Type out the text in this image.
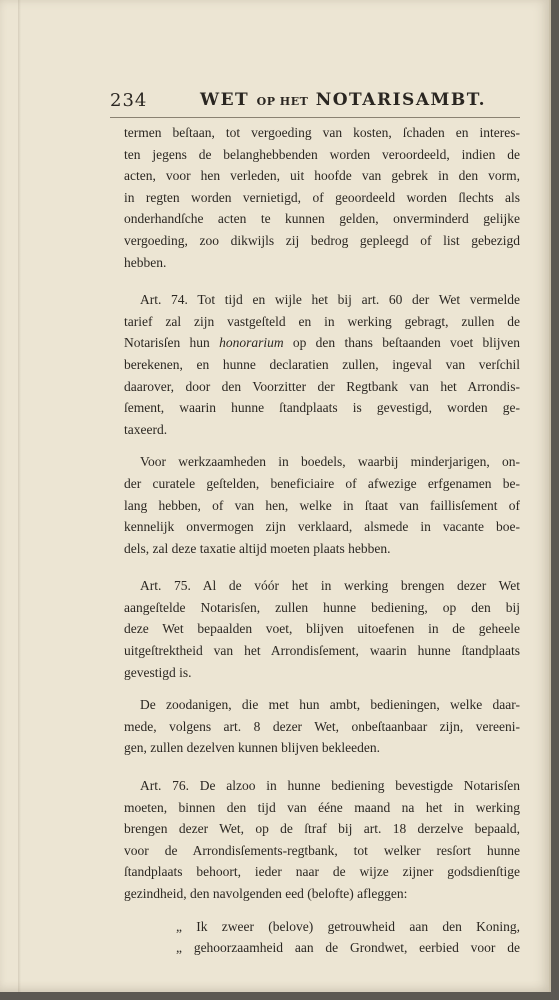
234	WET OP HET NOTARISAMBT.
termen beſtaan, tot vergoeding van kosten, ſchaden en interes-
ten jegens de belanghebbenden worden veroordeeld, indien de
acten, voor hen verleden, uit hoofde van gebrek in den vorm,
in regten worden vernietigd, of geoordeeld worden ſlechts als
onderhandſche acten te kunnen gelden, onverminderd gelijke
vergoeding, zoo dikwijls zij bedrog gepleegd of list gebezigd
hebben.
Art. 74. Tot tijd en wijle het bij art. 60 der Wet vermelde
tarief zal zijn vastgeſteld en in werking gebragt, zullen de
Notarisſen hun honorarium op den thans beſtaanden voet blijven
berekenen, en hunne declaratien zullen, ingeval van verſchil
daarover, door den Voorzitter der Regtbank van het Arrondis-
ſement, waarin hunne ſtandplaats is gevestigd, worden ge-
taxeerd.
Voor werkzaamheden in boedels, waarbij minderjarigen, on-
der curatele geſtelden, beneficiaire of afwezige erfgenamen be-
lang hebben, of van hen, welke in ſtaat van faillisſement of
kennelijk onvermogen zijn verklaard, alsmede in vacante boe-
dels, zal deze taxatie altijd moeten plaats hebben.
Art. 75. Al de vóór het in werking brengen dezer Wet
aangeſtelde Notarisſen, zullen hunne bediening, op den bij
deze Wet bepaalden voet, blijven uitoefenen in de geheele
uitgeſtrektheid van het Arrondisſement, waarin hunne ſtandplaats
gevestigd is.
De zoodanigen, die met hun ambt, bedieningen, welke daar-
mede, volgens art. 8 dezer Wet, onbeſtaanbaar zijn, vereeni-
gen, zullen dezelven kunnen blijven bekleeden.
Art. 76. De alzoo in hunne bediening bevestigde Notarisſen
moeten, binnen den tijd van ééne maand na het in werking
brengen dezer Wet, op de ſtraf bij art. 18 derzelve bepaald,
voor de Arrondisſements-regtbank, tot welker resſort hunne
ſtandplaats behoort, ieder naar de wijze zijner godsdienſtige
gezindheid, den navolgenden eed (belofte) afleggen:
„ Ik zweer (belove) getrouwheid aan den Koning,
„ gehoorzaamheid aan de Grondwet, eerbied voor de
